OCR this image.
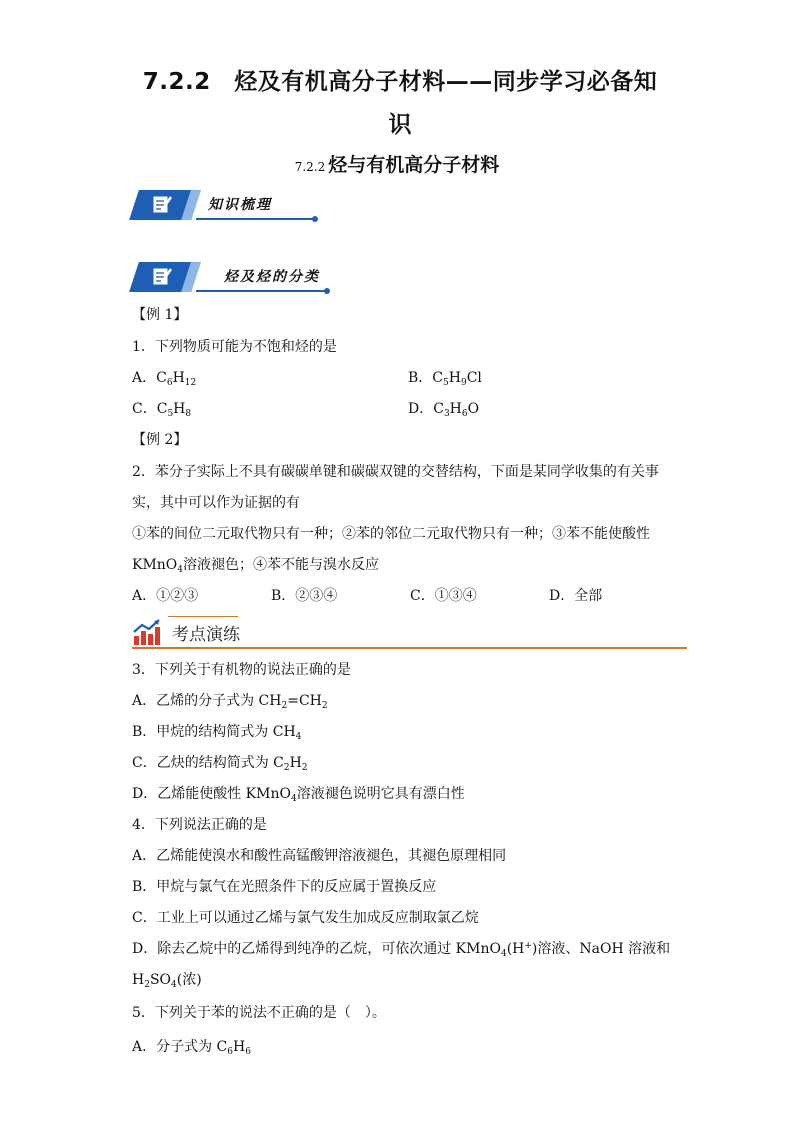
7.2.2　烃及有机高分子材料——同步学习必备知
识
7.2.2 烃与有机高分子材料
知识梳理
烃及烃的分类
【例 1】
1．下列物质可能为不饱和烃的是
A．$C_6H_{12}$	B．$C_5H_9Cl$
C．$C_5H_8$	D．$C_3H_6O$
【例 2】
2．苯分子实际上不具有碳碳单键和碳碳双键的交替结构，下面是某同学收集的有关事
实，其中可以作为证据的有
①苯的间位二元取代物只有一种；②苯的邻位二元取代物只有一种；③苯不能使酸性
KMnO$_4$溶液褪色；④苯不能与溴水反应
A．①②③	B．②③④	C．①③④	D．全部
考点演练
3．下列关于有机物的说法正确的是
A．乙烯的分子式为 $CH_2=CH_2$
B．甲烷的结构简式为 $CH_4$
C．乙炔的结构简式为 $C_2H_2$
D．乙烯能使酸性 KMnO$_4$溶液褪色说明它具有漂白性
4．下列说法正确的是
A．乙烯能使溴水和酸性高锰酸钾溶液褪色，其褪色原理相同
B．甲烷与氯气在光照条件下的反应属于置换反应
C．工业上可以通过乙烯与氯气发生加成反应制取氯乙烷
D．除去乙烷中的乙烯得到纯净的乙烷，可依次通过 KMnO$_4$(H+)溶液、NaOH 溶液和
$H_2SO_4$(浓)
5．下列关于苯的说法不正确的是（　）。
A．分子式为 $C_6H_6$
